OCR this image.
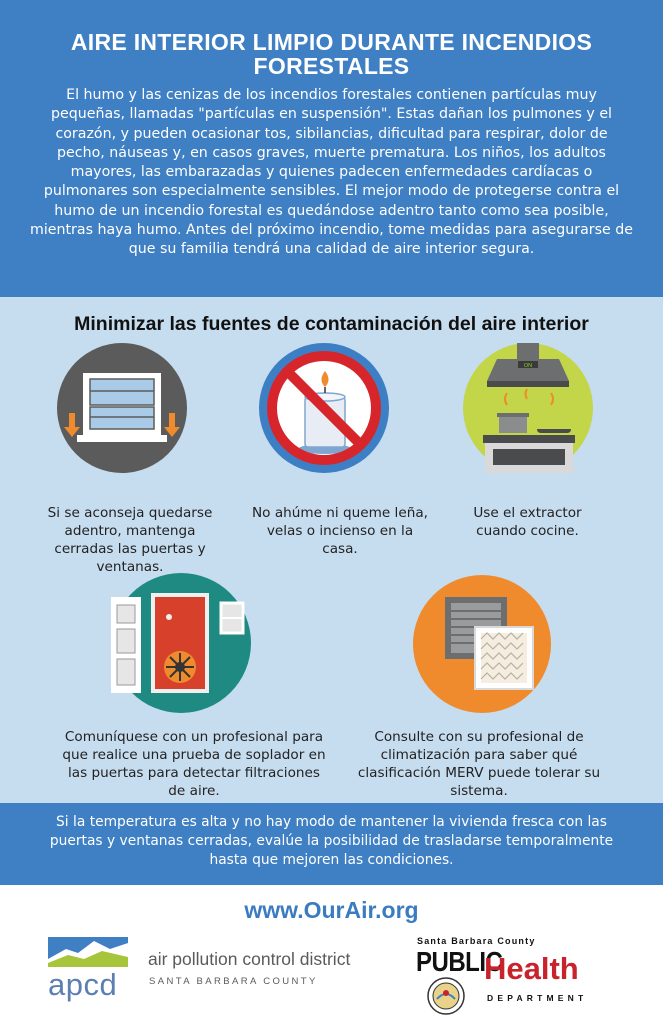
AIRE INTERIOR LIMPIO DURANTE INCENDIOS FORESTALES

El humo y las cenizas de los incendios forestales contienen partículas muy pequeñas, llamadas "partículas en suspensión". Estas dañan los pulmones y el corazón, y pueden ocasionar tos, sibilancias, dificultad para respirar, dolor de pecho, náuseas y, en casos graves, muerte prematura. Los niños, los adultos mayores, las embarazadas y quienes padecen enfermedades cardíacas o pulmonares son especialmente sensibles. El mejor modo de protegerse contra el humo de un incendio forestal es quedándose adentro tanto como sea posible, mientras haya humo. Antes del próximo incendio, tome medidas para asegurarse de que su familia tendrá una calidad de aire interior segura.

Minimizar las fuentes de contaminación del aire interior
ON
Si se aconseja quedarse adentro, mantenga cerradas las puertas y ventanas.
No ahúme ni queme leña, velas o incienso en la casa.
Use el extractor cuando cocine.
Comuníquese con un profesional para que realice una prueba de soplador en las puertas para detectar filtraciones de aire.
Consulte con su profesional de climatización para saber qué clasificación MERV puede tolerar su sistema.
Si la temperatura es alta y no hay modo de mantener la vivienda fresca con las puertas y ventanas cerradas, evalúe la posibilidad de trasladarse temporalmente hasta que mejoren las condiciones.
www.OurAir.org
apcd
air pollution control district
SANTA BARBARA COUNTY
Santa Barbara County
PUBLIC
Health
DEPARTMENT
